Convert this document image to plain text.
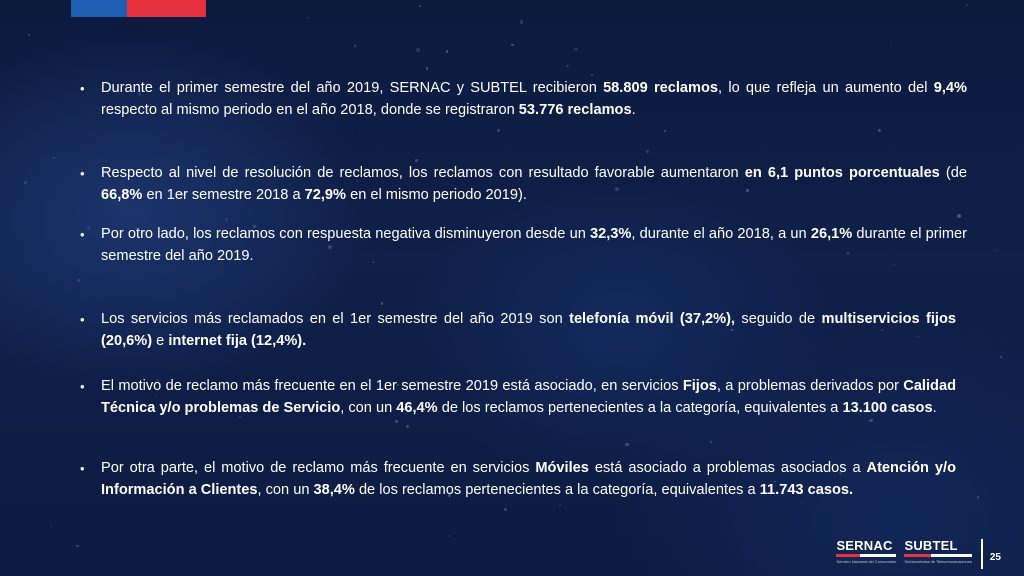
•	Durante el primer semestre del año 2019, SERNAC y SUBTEL recibieron 58.809 reclamos, lo que refleja un aumento del 9,4% respecto al mismo periodo en el año 2018, donde se registraron 53.776 reclamos.
•	Respecto al nivel de resolución de reclamos, los reclamos con resultado favorable aumentaron en 6,1 puntos porcentuales (de 66,8% en 1er semestre 2018 a 72,9% en el mismo periodo 2019).
•	Por otro lado, los reclamos con respuesta negativa disminuyeron desde un 32,3%, durante el año 2018, a un 26,1% durante el primer semestre del año 2019.
•	Los servicios más reclamados en el 1er semestre del año 2019 son telefonía móvil (37,2%), seguido de multiservicios fijos (20,6%) e internet fija (12,4%).
•	El motivo de reclamo más frecuente en el 1er semestre 2019 está asociado, en servicios Fijos, a problemas derivados por Calidad Técnica y/o problemas de Servicio, con un 46,4% de los reclamos pertenecientes a la categoría, equivalentes a 13.100 casos.
•	Por otra parte, el motivo de reclamo más frecuente en servicios Móviles está asociado a problemas asociados a Atención y/o Información a Clientes, con un 38,4% de los reclamos pertenecientes a la categoría, equivalentes a 11.743 casos.
SERNAC
Servicio Nacional del Consumidor
SUBTEL
Subsecretaría de Telecomunicaciones 25
